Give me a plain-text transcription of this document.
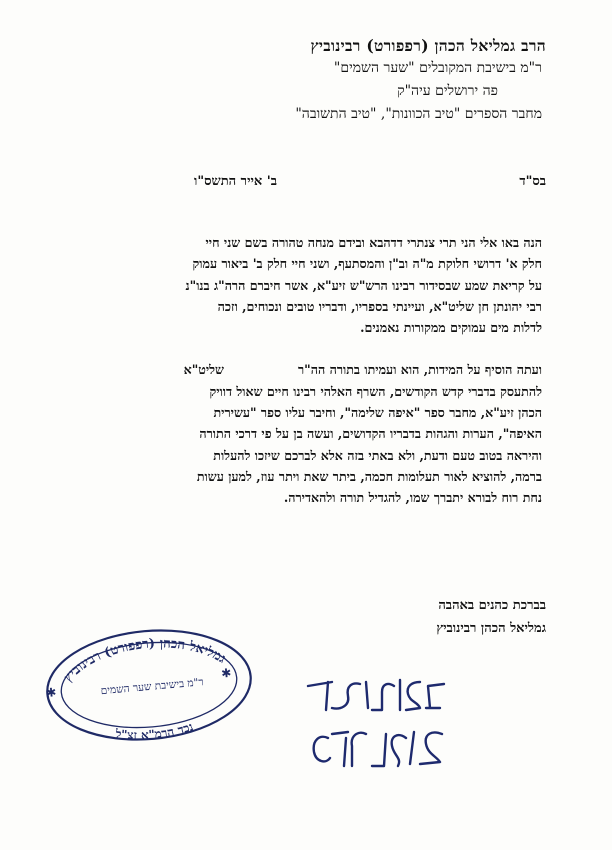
הרב גמליאל הכהן (רפפורט) רבינוביץ
ר"מ בישיבת המקובלים "שער השמים"
פה ירושלים עיה"ק
מחבר הספרים "טיב הכוונות", "טיב התשובה"
בס"ד
ב' אייר התשס"ו
הנה באו אלי הני תרי צנתרי דדהבא ובידם מנחה טהורה בשם שני חיי
חלק א' דרושי חלוקת מ"ה וב"ן והמסתעף, ושני חיי חלק ב' ביאור עמוק
על קריאת שמע שבסידור רבינו הרש"ש זיע"א, אשר חיברם הרה"ג בנו"נ
רבי יהונתן חן שליט"א, ועיינתי בספריו, ודבריו טובים ונכוחים, וזכה
לדלות מים עמוקים ממקורות נאמנים.
ועתה הוסיף על המידות, הוא ועמיתו בתורה הה"רשליט"א
להתעסק בדברי קדש הקודשים, השרף האלהי רבינו חיים שאול דוויק
הכהן זיע"א, מחבר ספר "איפה שלימה", וחיבר עליו ספר "עשירית
האיפה", הערות והגהות בדבריו הקדושים, ועשה בן על פי דרכי התורה
והיראה בטוב טעם ודעת, ולא באתי בזה אלא לברכם שיזכו להעלות
ברמה, להוציא לאור תעלומות חכמה, ביתר שאת ויתר עוז, למען עשות
נחת רוח לבורא יתברך שמו, להגדיל תורה ולהאדירה.
בברכת כהנים באהבה
גמליאל הכהן רבינוביץ
גמליאל הכהן (רפפורט) רבינוביץ
ר"מ בישיבת שער השמים
נכד הרמ"א זצ"ל
✱
✱
